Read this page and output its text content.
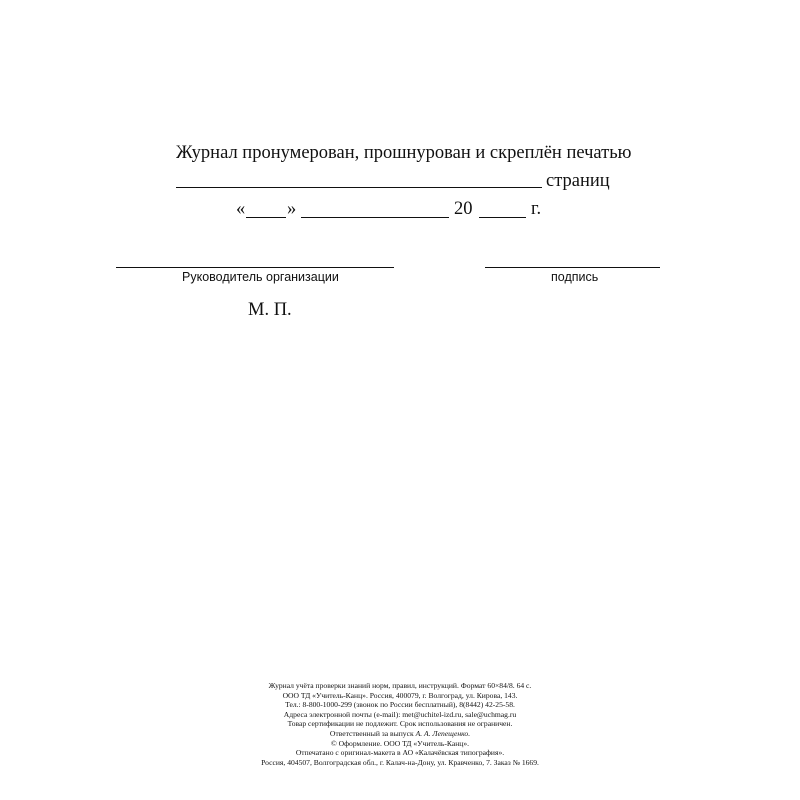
Журнал пронумерован, прошнурован и скреплён печатью
страниц
« »	20	г.
Руководитель организации	подпись
М. П.
Журнал учёта проверки знаний норм, правил, инструкций. Формат 60×84/8. 64 с.
ООО ТД «Учитель-Канц». Россия, 400079, г. Волгоград, ул. Кирова, 143.
Тел.: 8-800-1000-299 (звонок по России бесплатный), 8(8442) 42-25-58.
Адреса электронной почты (e-mail): met@uchitel-izd.ru, sale@uchmag.ru
Товар сертификации не подлежит. Срок использования не ограничен.
Ответственный за выпуск А. А. Лепещенко.
© Оформление. ООО ТД «Учитель-Канц».
Отпечатано с оригинал-макета в АО «Калачёвская типография».
Россия, 404507, Волгоградская обл., г. Калач-на-Дону, ул. Кравченко, 7. Заказ № 1669.
